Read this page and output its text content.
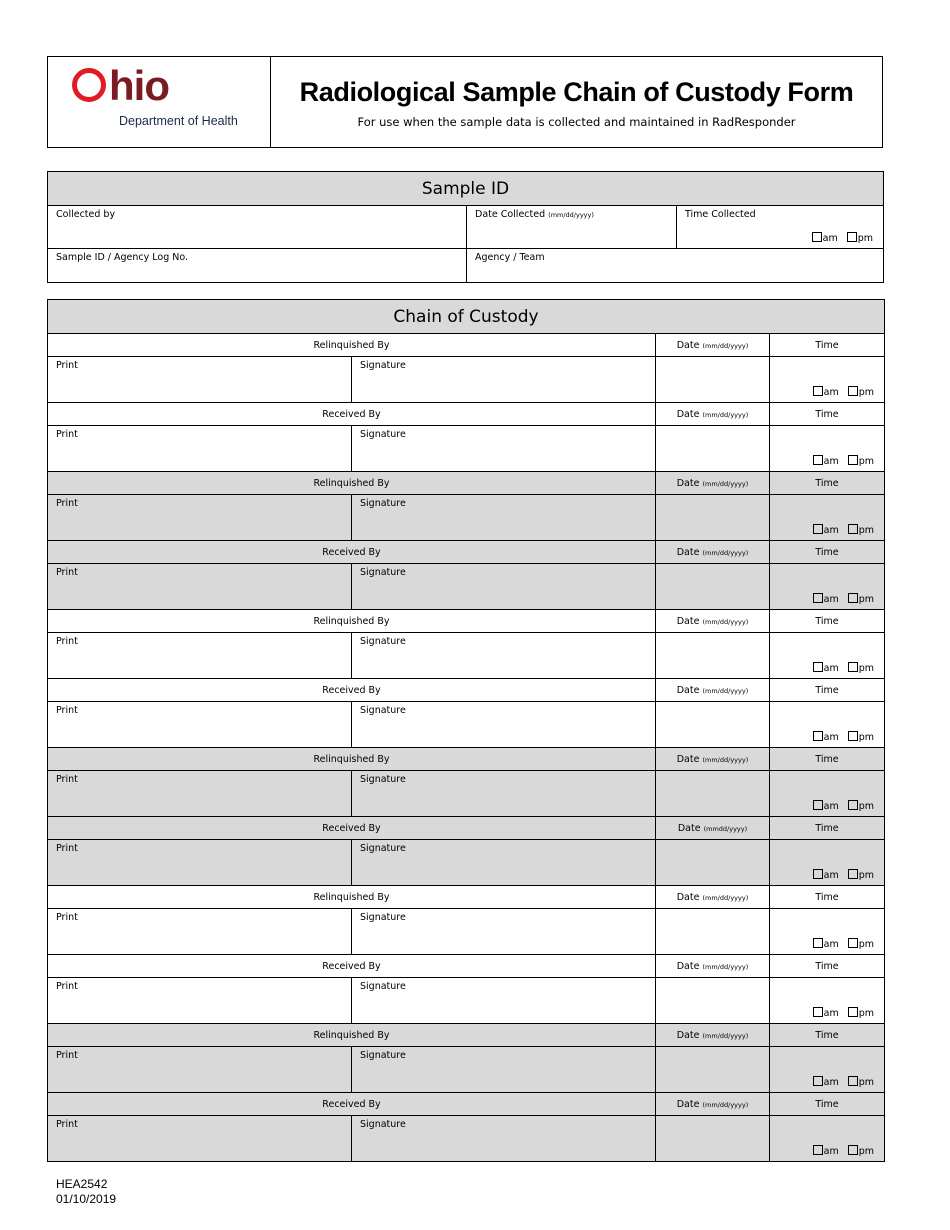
hio
Department of Health
Radiological Sample Chain of Custody Form
For use when the sample data is collected and maintained in RadResponder
Sample ID		
Collected by	Date Collected (mm/dd/yyyy)	Time Collected
am pm

Sample ID / Agency Log No.	Agency / Team	
Chain of Custody			
Relinquished By		Date (mm/dd/yyyy)	Time
Print	Signature		am pm

Received By		Date (mm/dd/yyyy)	Time
Print	Signature		am pm

Relinquished By		Date (mm/dd/yyyy)	Time
Print	Signature		am pm

Received By		Date (mm/dd/yyyy)	Time
Print	Signature		am pm

Relinquished By		Date (mm/dd/yyyy)	Time
Print	Signature		am pm

Received By		Date (mm/dd/yyyy)	Time
Print	Signature		am pm

Relinquished By		Date (mm/dd/yyyy)	Time
Print	Signature		am pm

Received By		Date (mmdd/yyyy)	Time
Print	Signature		am pm

Relinquished By		Date (mm/dd/yyyy)	Time
Print	Signature		am pm

Received By		Date (mm/dd/yyyy)	Time
Print	Signature		am pm

Relinquished By		Date (mm/dd/yyyy)	Time
Print	Signature		am pm

Received By		Date (mm/dd/yyyy)	Time
Print	Signature		am pm
HEA2542
01/10/2019
